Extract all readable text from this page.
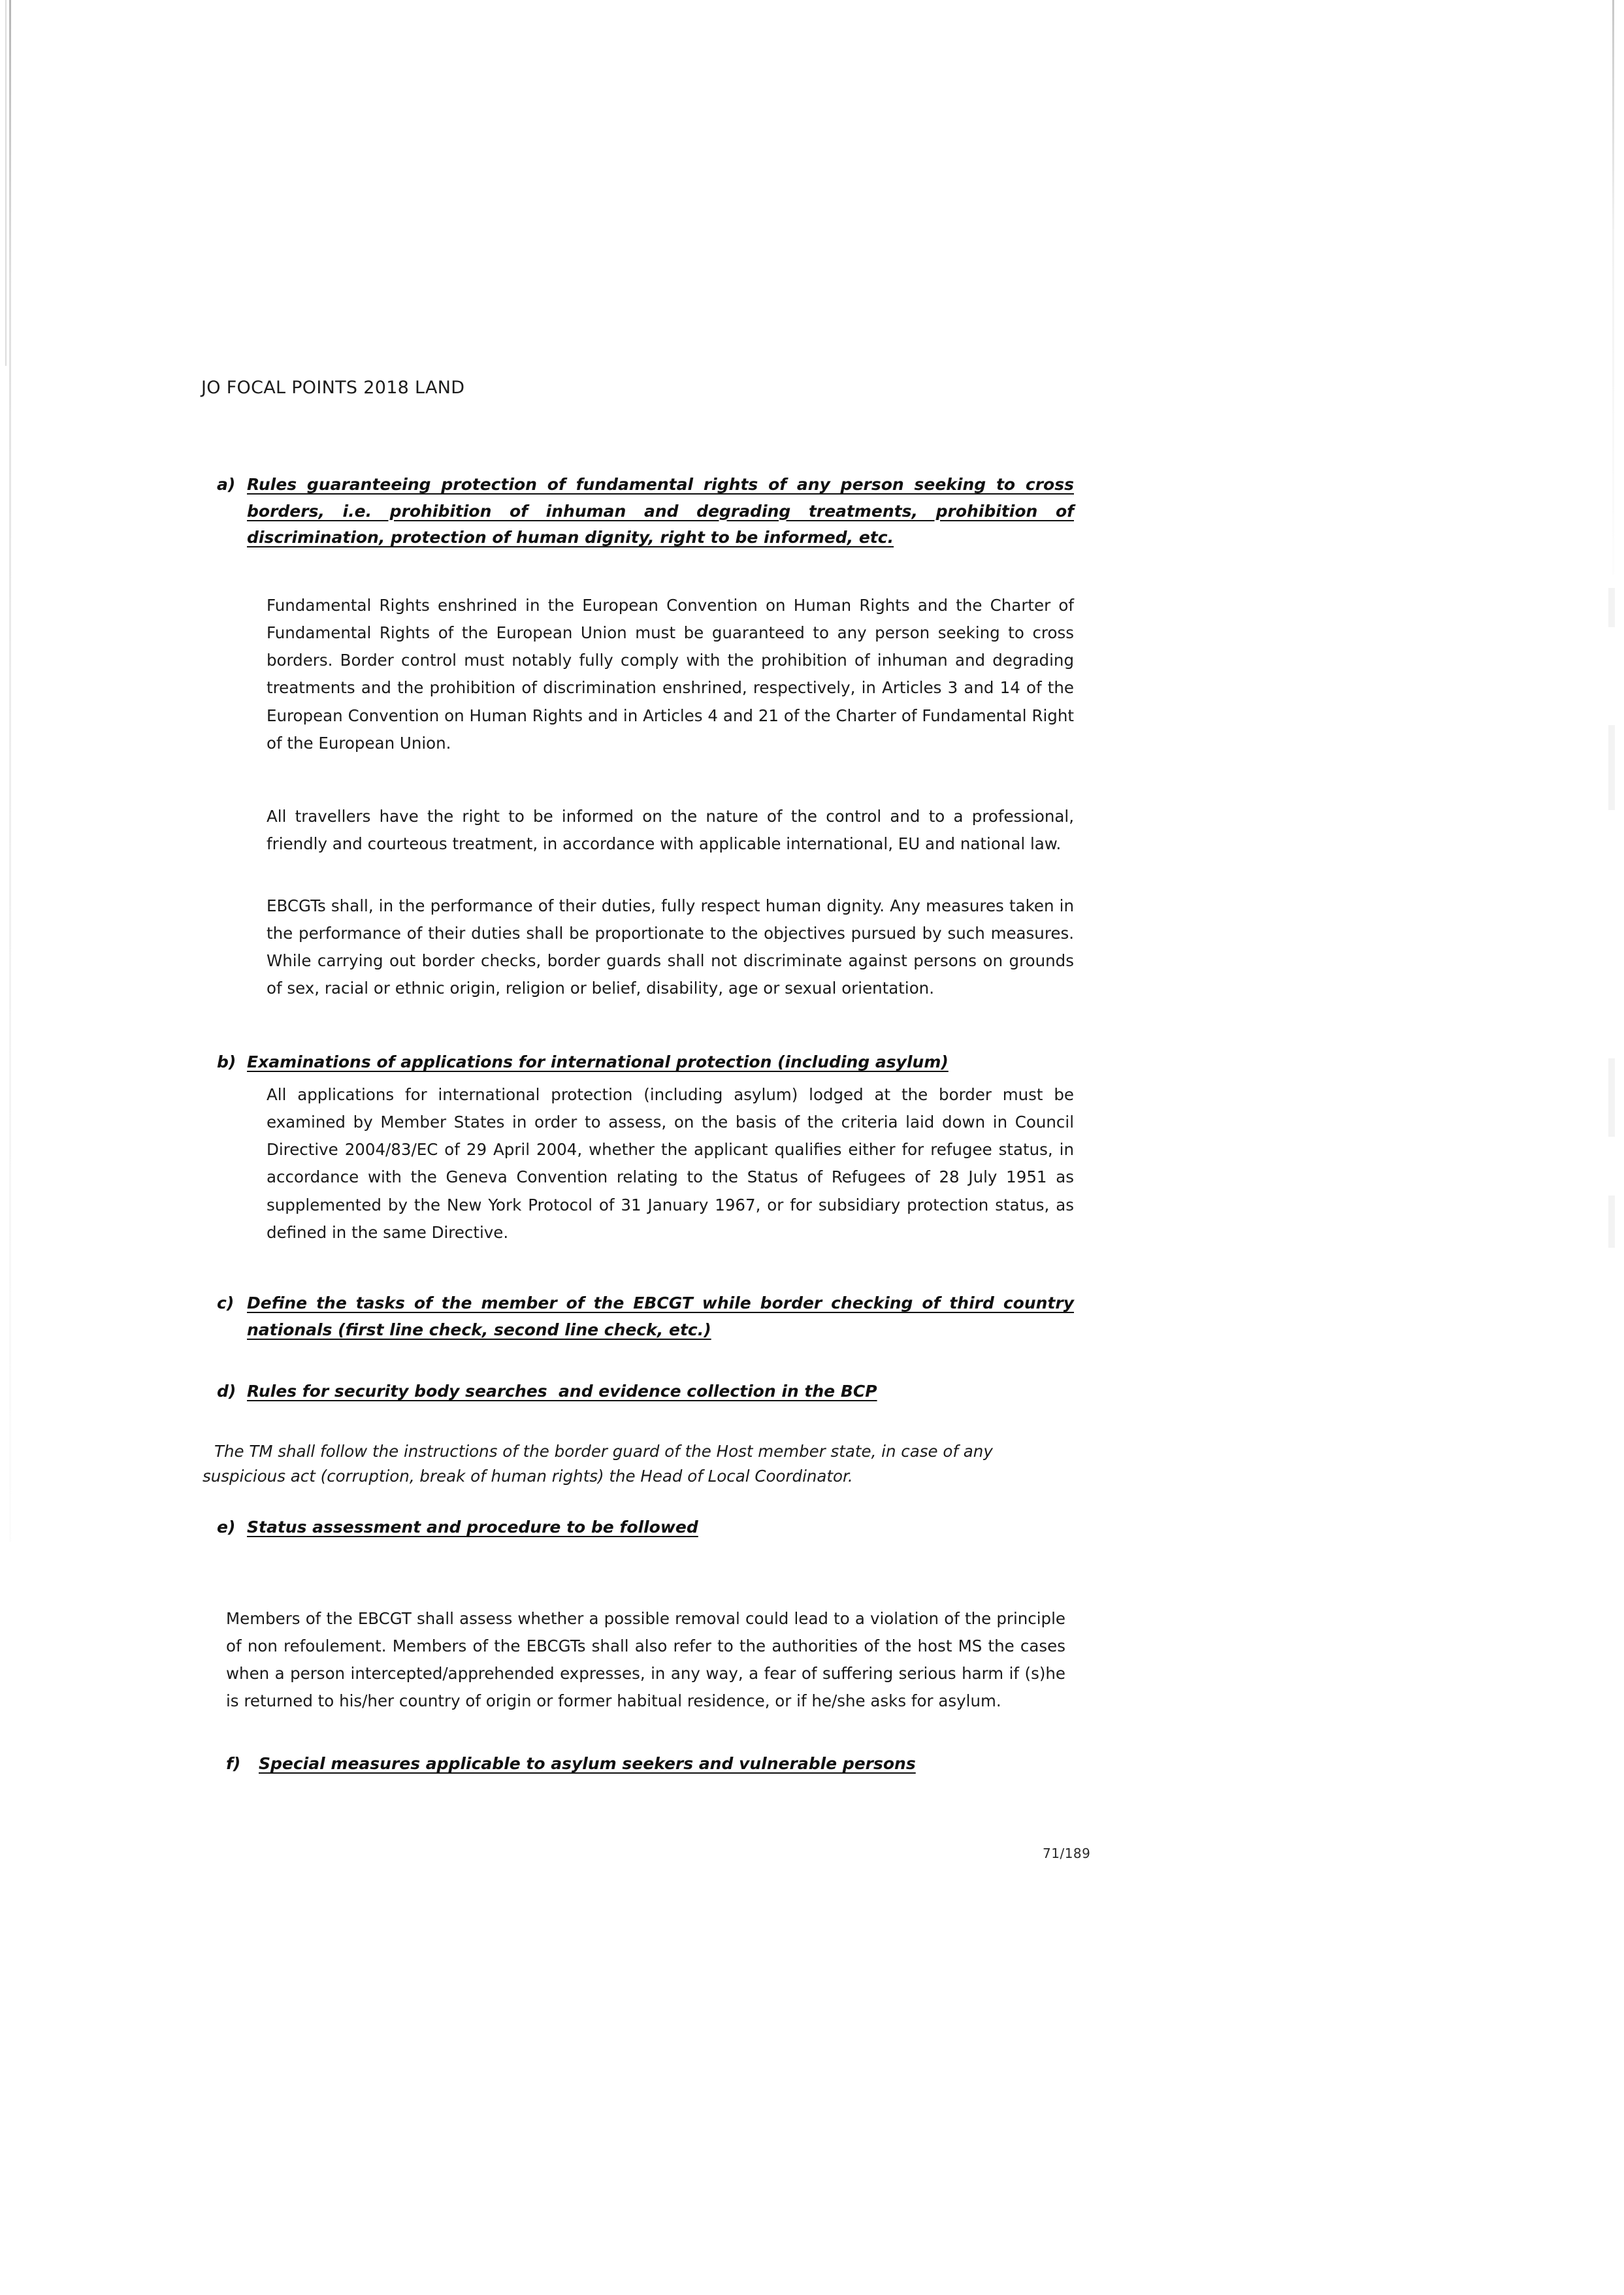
JO FOCAL POINTS 2018 LAND
a) Rules guaranteeing protection of fundamental rights of any person seeking to cross borders, i.e. prohibition of inhuman and degrading treatments, prohibition of discrimination, protection of human dignity, right to be informed, etc.
Fundamental Rights enshrined in the European Convention on Human Rights and the Charter of Fundamental Rights of the European Union must be guaranteed to any person seeking to cross borders. Border control must notably fully comply with the prohibition of inhuman and degrading treatments and the prohibition of discrimination enshrined, respectively, in Articles 3 and 14 of the European Convention on Human Rights and in Articles 4 and 21 of the Charter of Fundamental Right of the European Union.
All travellers have the right to be informed on the nature of the control and to a professional, friendly and courteous treatment, in accordance with applicable international, EU and national law.
EBCGTs shall, in the performance of their duties, fully respect human dignity. Any measures taken in the performance of their duties shall be proportionate to the objectives pursued by such measures. While carrying out border checks, border guards shall not discriminate against persons on grounds of sex, racial or ethnic origin, religion or belief, disability, age or sexual orientation.
b) Examinations of applications for international protection (including asylum)
All applications for international protection (including asylum) lodged at the border must be examined by Member States in order to assess, on the basis of the criteria laid down in Council Directive 2004/83/EC of 29 April 2004, whether the applicant qualifies either for refugee status, in accordance with the Geneva Convention relating to the Status of Refugees of 28 July 1951 as supplemented by the New York Protocol of 31 January 1967, or for subsidiary protection status, as defined in the same Directive.
c) Define the tasks of the member of the EBCGT while border checking of third country nationals (first line check, second line check, etc.)
d) Rules for security body searches  and evidence collection in the BCP
The TM shall follow the instructions of the border guard of the Host member state, in case of any suspicious act (corruption, break of human rights) the Head of Local Coordinator.
e) Status assessment and procedure to be followed
Members of the EBCGT shall assess whether a possible removal could lead to a violation of the principle of non refoulement. Members of the EBCGTs shall also refer to the authorities of the host MS the cases when a person intercepted/apprehended expresses, in any way, a fear of suffering serious harm if (s)he is returned to his/her country of origin or former habitual residence, or if he/she asks for asylum.
f)	Special measures applicable to asylum seekers and vulnerable persons
71/189
